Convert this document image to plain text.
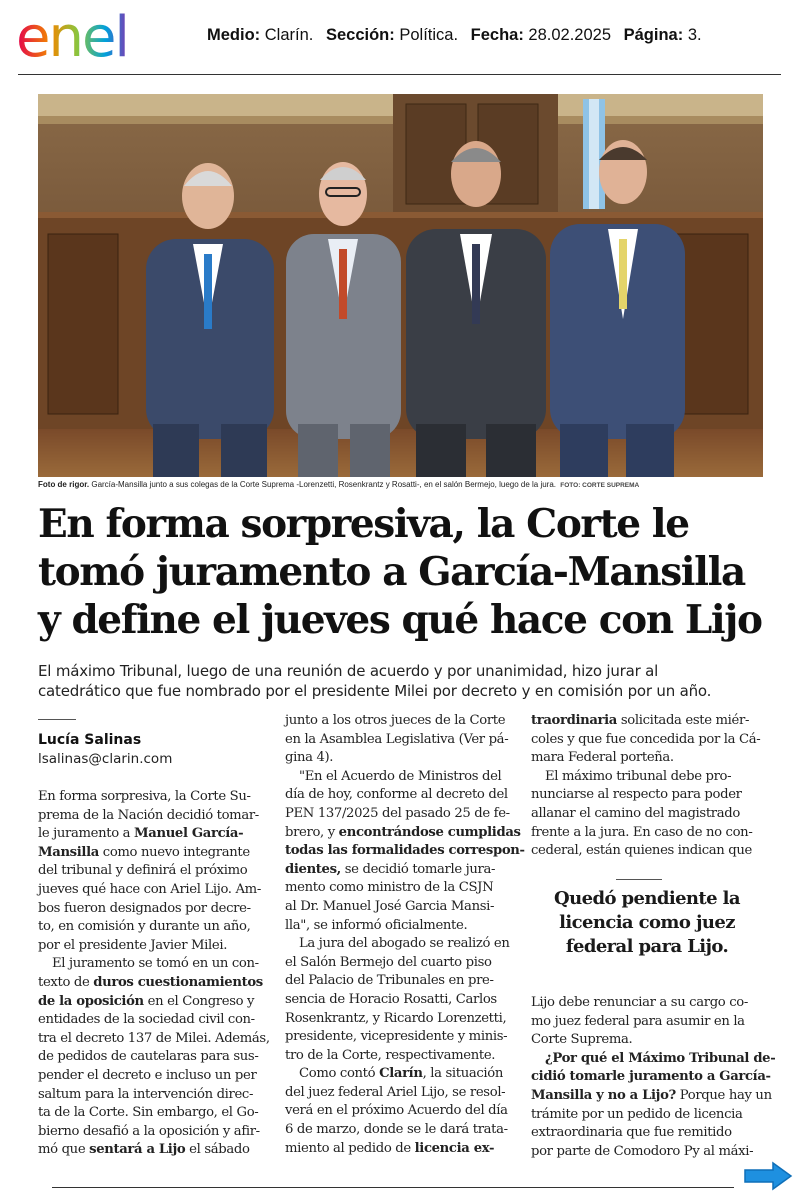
enel	Medio: Clarín. Sección: Política. Fecha: 28.02.2025 Página: 3.
Foto de rigor. García-Mansilla junto a sus colegas de la Corte Suprema -Lorenzetti, Rosenkrantz y Rosatti-, en el salón Bermejo, luego de la jura. FOTO: CORTE SUPREMA
En forma sorpresiva, la Corte le
tomó juramento a García-Mansilla
y define el jueves qué hace con Lijo
El máximo Tribunal, luego de una reunión de acuerdo y por unanimidad, hizo jurar al
catedrático que fue nombrado por el presidente Milei por decreto y en comisión por un año.
Lucía Salinas
lsalinas@clarin.com
En forma sorpresiva, la Corte Su-
prema de la Nación decidió tomar-
le juramento a Manuel García-
Mansilla como nuevo integrante
del tribunal y definirá el próximo
jueves qué hace con Ariel Lijo. Am-
bos fueron designados por decre-
to, en comisión y durante un año,
por el presidente Javier Milei.
El juramento se tomó en un con-
texto de duros cuestionamientos
de la oposición en el Congreso y
entidades de la sociedad civil con-
tra el decreto 137 de Milei. Además,
de pedidos de cautelaras para sus-
pender el decreto e incluso un per
saltum para la intervención direc-
ta de la Corte. Sin embargo, el Go-
bierno desafió a la oposición y afir-
mó que sentará a Lijo el sábado
junto a los otros jueces de la Corte
en la Asamblea Legislativa (Ver pá-
gina 4).
"En el Acuerdo de Ministros del
día de hoy, conforme al decreto del
PEN 137/2025 del pasado 25 de fe-
brero, y encontrándose cumplidas
todas las formalidades correspon-
dientes, se decidió tomarle jura-
mento como ministro de la CSJN
al Dr. Manuel José Garcia Mansi-
lla", se informó oficialmente.
La jura del abogado se realizó en
el Salón Bermejo del cuarto piso
del Palacio de Tribunales en pre-
sencia de Horacio Rosatti, Carlos
Rosenkrantz, y Ricardo Lorenzetti,
presidente, vicepresidente y minis-
tro de la Corte, respectivamente.
Como contó Clarín, la situación
del juez federal Ariel Lijo, se resol-
verá en el próximo Acuerdo del día
6 de marzo, donde se le dará trata-
miento al pedido de licencia ex-
traordinaria solicitada este miér-
coles y que fue concedida por la Cá-
mara Federal porteña.
El máximo tribunal debe pro-
nunciarse al respecto para poder
allanar el camino del magistrado
frente a la jura. En caso de no con-
cederal, están quienes indican que
Quedó pendiente la
licencia como juez
federal para Lijo.
Lijo debe renunciar a su cargo co-
mo juez federal para asumir en la
Corte Suprema.
¿Por qué el Máximo Tribunal de-
cidió tomarle juramento a García-
Mansilla y no a Lijo? Porque hay un
trámite por un pedido de licencia
extraordinaria que fue remitido
por parte de Comodoro Py al máxi-
